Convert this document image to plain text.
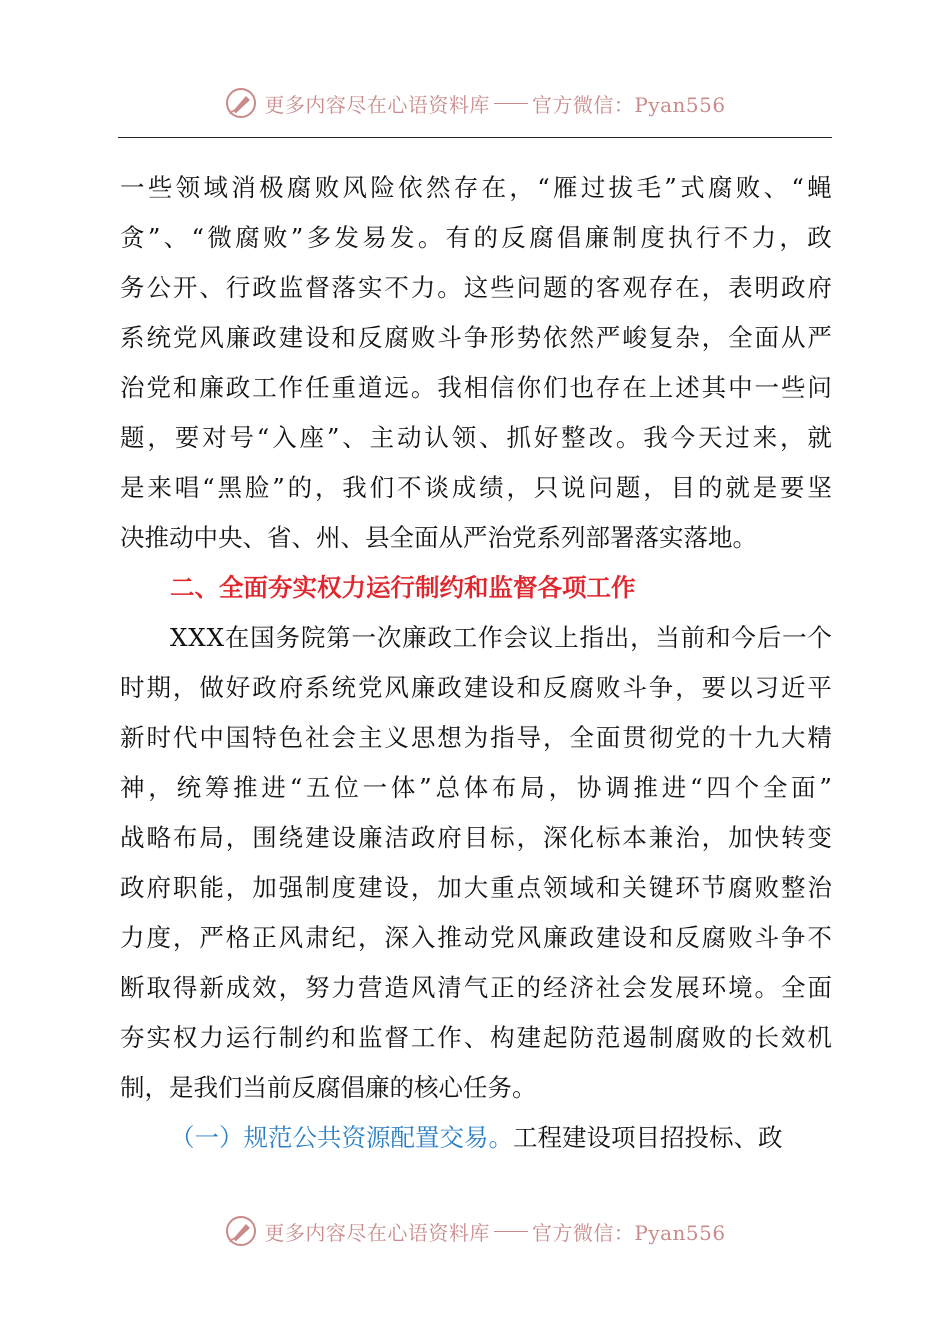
更多内容尽在心语资料库 官方微信：Pyan556
一 些 领 域 消 极 腐 败 风 险 依 然 存 在 ， “ 雁 过 拔 毛 ” 式 腐 败 、 “ 蝇
贪 ” 、 “ 微 腐 败 ” 多 发 易 发 。 有 的 反 腐 倡 廉 制 度 执 行 不 力 ， 政
务 公 开 、 行 政 监 督 落 实 不 力 。 这 些 问 题 的 客 观 存 在 ， 表 明 政 府
系 统 党 风 廉 政 建 设 和 反 腐 败 斗 争 形 势 依 然 严 峻 复 杂 ， 全 面 从 严
治 党 和 廉 政 工 作 任 重 道 远 。 我 相 信 你 们 也 存 在 上 述 其 中 一 些 问
题 ， 要 对 号 “ 入 座 ” 、 主 动 认 领 、 抓 好 整 改 。 我 今 天 过 来 ， 就
是 来 唱 “ 黑 脸 ” 的 ， 我 们 不 谈 成 绩 ， 只 说 问 题 ， 目 的 就 是 要 坚
决推动中央、省、州、县全面从严治党系列部署落实落地。
二、全面夯实权力运行制约和监督各项工作
X X X 在 国 务 院 第 一 次 廉 政 工 作 会 议 上 指 出 ， 当 前 和 今 后 一 个
时 期 ， 做 好 政 府 系 统 党 风 廉 政 建 设 和 反 腐 败 斗 争 ， 要 以 习 近 平
新 时 代 中 国 特 色 社 会 主 义 思 想 为 指 导 ， 全 面 贯 彻 党 的 十 九 大 精
神 ， 统 筹 推 进 “ 五 位 一 体 ” 总 体 布 局 ， 协 调 推 进 “ 四 个 全 面 ”
战 略 布 局 ， 围 绕 建 设 廉 洁 政 府 目 标 ， 深 化 标 本 兼 治 ， 加 快 转 变
政 府 职 能 ， 加 强 制 度 建 设 ， 加 大 重 点 领 域 和 关 键 环 节 腐 败 整 治
力 度 ， 严 格 正 风 肃 纪 ， 深 入 推 动 党 风 廉 政 建 设 和 反 腐 败 斗 争 不
断 取 得 新 成 效 ， 努 力 营 造 风 清 气 正 的 经 济 社 会 发 展 环 境 。 全 面
夯 实 权 力 运 行 制 约 和 监 督 工 作 、 构 建 起 防 范 遏 制 腐 败 的 长 效 机
制，是我们当前反腐倡廉的核心任务。
（一）规范公共资源配置交易。 工程建设项目招投标、政
更多内容尽在心语资料库 官方微信：Pyan556
